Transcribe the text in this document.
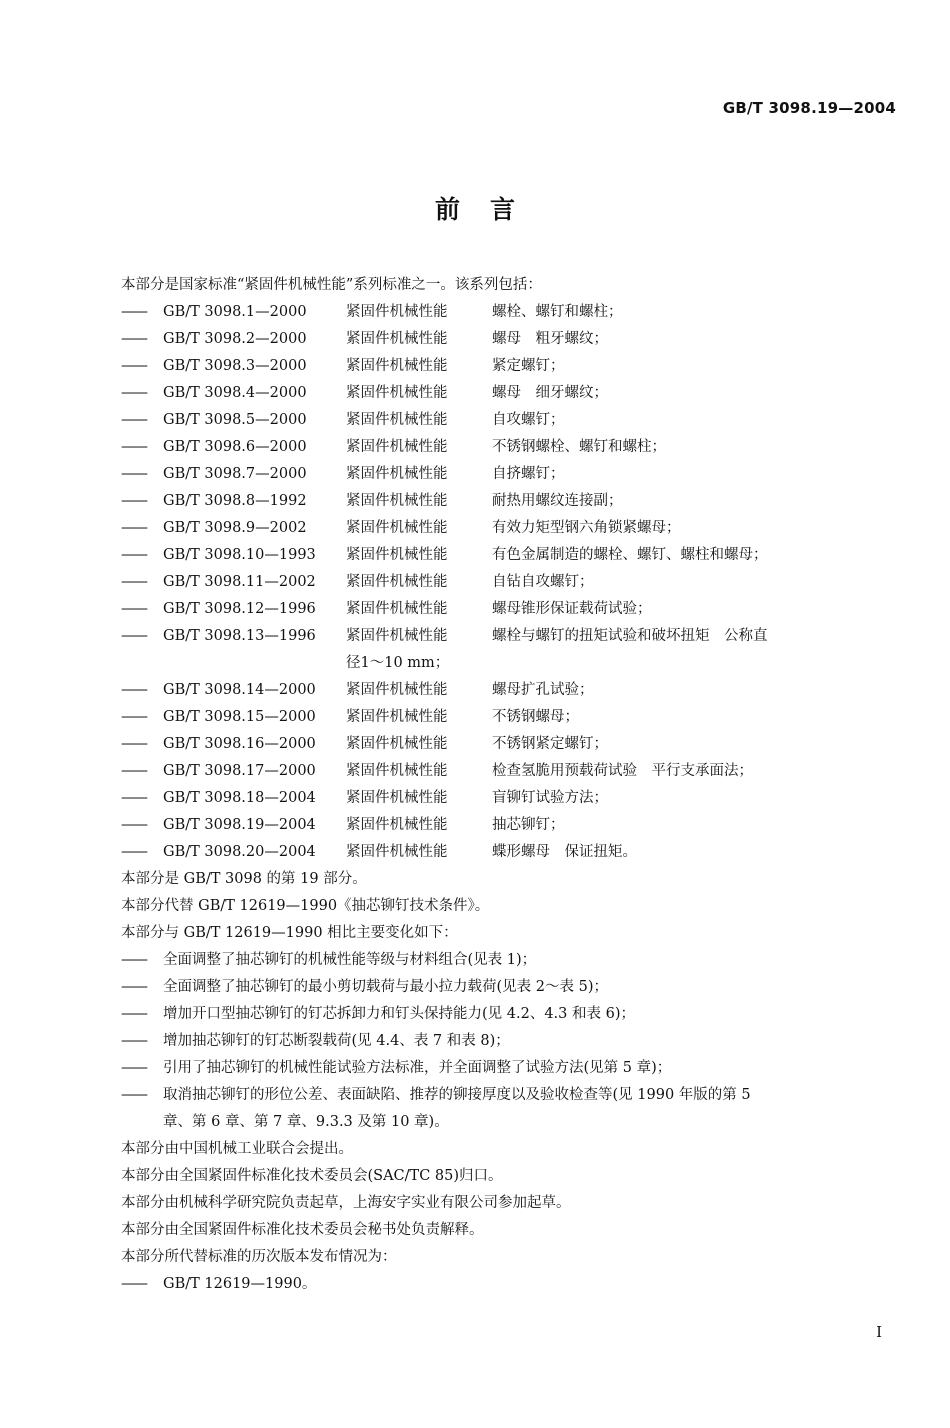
GB/T 3098.19—2004
前言
本部分是国家标准“紧固件机械性能”系列标准之一。该系列包括：
——	GB/T 3098.1—2000	紧固件机械性能	螺栓、螺钉和螺柱；
——	GB/T 3098.2—2000	紧固件机械性能	螺母　粗牙螺纹；
——	GB/T 3098.3—2000	紧固件机械性能	紧定螺钉；
——	GB/T 3098.4—2000	紧固件机械性能	螺母　细牙螺纹；
——	GB/T 3098.5—2000	紧固件机械性能	自攻螺钉；
——	GB/T 3098.6—2000	紧固件机械性能	不锈钢螺栓、螺钉和螺柱；
——	GB/T 3098.7—2000	紧固件机械性能	自挤螺钉；
——	GB/T 3098.8—1992	紧固件机械性能	耐热用螺纹连接副；
——	GB/T 3098.9—2002	紧固件机械性能	有效力矩型钢六角锁紧螺母；
——	GB/T 3098.10—1993	紧固件机械性能	有色金属制造的螺栓、螺钉、螺柱和螺母；
——	GB/T 3098.11—2002	紧固件机械性能	自钻自攻螺钉；
——	GB/T 3098.12—1996	紧固件机械性能	螺母锥形保证载荷试验；
——	GB/T 3098.13—1996	紧固件机械性能	螺栓与螺钉的扭矩试验和破坏扭矩　公称直
径1～10 mm；
——	GB/T 3098.14—2000	紧固件机械性能	螺母扩孔试验；
——	GB/T 3098.15—2000	紧固件机械性能	不锈钢螺母；
——	GB/T 3098.16—2000	紧固件机械性能	不锈钢紧定螺钉；
——	GB/T 3098.17—2000	紧固件机械性能	检查氢脆用预载荷试验　平行支承面法；
——	GB/T 3098.18—2004	紧固件机械性能	盲铆钉试验方法；
——	GB/T 3098.19—2004	紧固件机械性能	抽芯铆钉；
——	GB/T 3098.20—2004	紧固件机械性能	蝶形螺母　保证扭矩。
本部分是 GB/T 3098 的第 19 部分。
本部分代替 GB/T 12619—1990《抽芯铆钉技术条件》。
本部分与 GB/T 12619—1990 相比主要变化如下：
——	全面调整了抽芯铆钉的机械性能等级与材料组合(见表 1)；
——	全面调整了抽芯铆钉的最小剪切载荷与最小拉力载荷(见表 2～表 5)；
——	增加开口型抽芯铆钉的钉芯拆卸力和钉头保持能力(见 4.2、4.3 和表 6)；
——	增加抽芯铆钉的钉芯断裂载荷(见 4.4、表 7 和表 8)；
——	引用了抽芯铆钉的机械性能试验方法标准，并全面调整了试验方法(见第 5 章)；
——	取消抽芯铆钉的形位公差、表面缺陷、推荐的铆接厚度以及验收检查等(见 1990 年版的第 5
章、第 6 章、第 7 章、9.3.3 及第 10 章)。
本部分由中国机械工业联合会提出。
本部分由全国紧固件标准化技术委员会(SAC/TC 85)归口。
本部分由机械科学研究院负责起草，上海安字实业有限公司参加起草。
本部分由全国紧固件标准化技术委员会秘书处负责解释。
本部分所代替标准的历次版本发布情况为：
——	GB/T 12619—1990。
I
